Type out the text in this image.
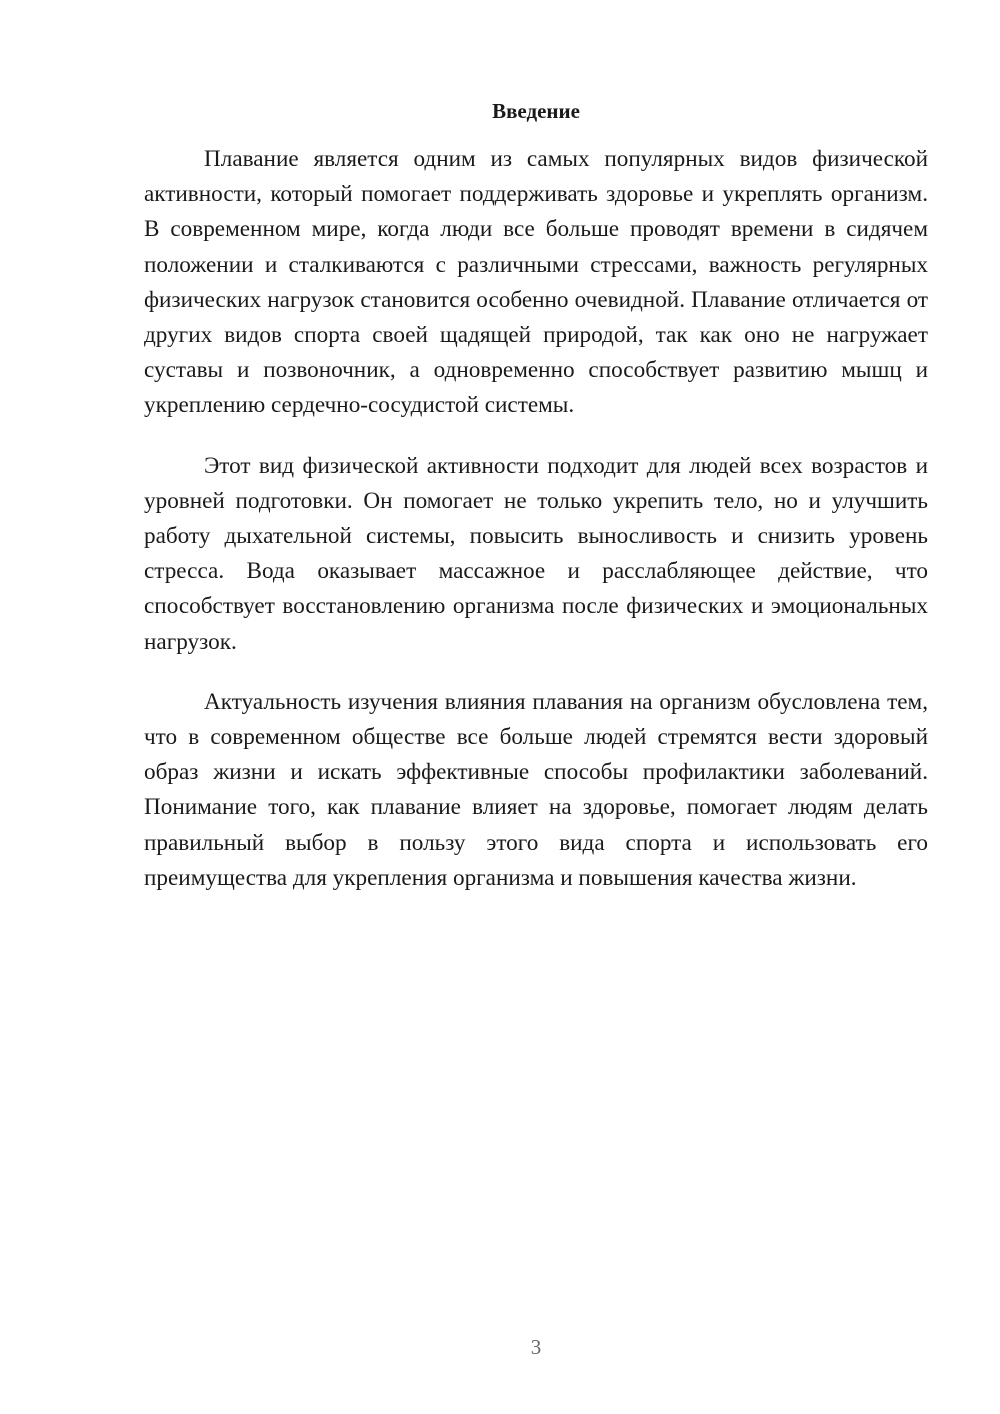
Введение

Плавание является одним из самых популярных видов физической активности, который помогает поддерживать здоровье и укреплять организм. В современном мире, когда люди все больше проводят времени в сидячем положении и сталкиваются с различными стрессами, важность регулярных физических нагрузок становится особенно очевидной. Плавание отличается от других видов спорта своей щадящей природой, так как оно не нагружает суставы и позвоночник, а одновременно способствует развитию мышц и укреплению сердечно-сосудистой системы.

Этот вид физической активности подходит для людей всех возрастов и уровней подготовки. Он помогает не только укрепить тело, но и улучшить работу дыхательной системы, повысить выносливость и снизить уровень стресса. Вода оказывает массажное и расслабляющее действие, что способствует восстановлению организма после физических и эмоциональных нагрузок.

Актуальность изучения влияния плавания на организм обусловлена тем, что в современном обществе все больше людей стремятся вести здоровый образ жизни и искать эффективные способы профилактики заболеваний. Понимание того, как плавание влияет на здоровье, помогает людям делать правильный выбор в пользу этого вида спорта и использовать его преимущества для укрепления организма и повышения качества жизни.

3
